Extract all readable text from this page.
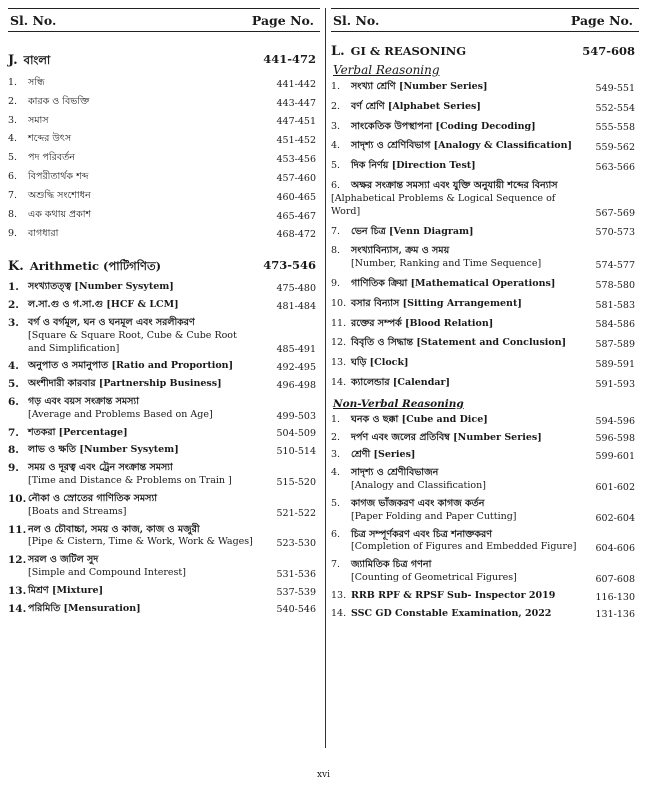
Sl. No.	Page No.
J. বাংলা	441-472
1.	সন্ধি	441-442
2.	কারক ও বিভক্তি	443-447
3.	সমাস	447-451
4.	শব্দের উৎস	451-452
5.	পদ পরিবর্তন	453-456
6.	বিপরীতার্থক শব্দ	457-460
7.	অশুদ্ধি সংশোধন	460-465
8.	এক কথায় প্রকাশ	465-467
9.	বাগধারা	468-472
K. Arithmetic (পাটিগণিত)	473-546
1. সংখ্যাতত্ত্ব [Number Sysytem]	475-480
2. ল.সা.গু ও গ.সা.গু [HCF & LCM]	481-484
3. বর্গ ও বর্গমূল, ঘন ও ঘনমূল এবং সরলীকরণ
[Square & Square Root, Cube & Cube Root
and Simplification]	485-491
4. অনুপাত ও সমানুপাত [Ratio and Proportion]	492-495
5. অংশীদারী কারবার [Partnership Business]	496-498
6. গড় এবং বয়স সংক্রান্ত সমস্যা
[Average and Problems Based on Age]	499-503
7. শতকরা [Percentage]	504-509
8. লাভ ও ক্ষতি [Number Sysytem]	510-514
9. সময় ও দূরত্ব এবং ট্রেন সংক্রান্ত সমস্যা
[Time and Distance & Problems on Train ]	515-520
10. নৌকা ও স্রোতের গাণিতিক সমস্যা
[Boats and Streams]	521-522
11. নল ও চৌবাচ্চা, সময় ও কাজ, কাজ ও মজুরী
[Pipe & Cistern, Time & Work, Work & Wages]	523-530
12. সরল ও জটিল সুদ
[Simple and Compound Interest]	531-536
13. মিশ্রণ [Mixture]	537-539
14. পরিমিতি [Mensuration]	540-546
Sl. No.	Page No.
L. GI & REASONING	547-608
Verbal Reasoning
1.	সংখ্যা শ্রেণি [Number Series]	549-551
2.	বর্ণ শ্রেণি [Alphabet Series]	552-554
3.	সাংকেতিক উপস্থাপনা [Coding Decoding]	555-558
4.	সাদৃশ্য ও শ্রেণিবিভাগ [Analogy & Classification]	559-562
5.	দিক নির্ণয় [Direction Test]	563-566
6.	অক্ষর সংক্রান্ত সমস্যা এবং যুক্তি অনুযায়ী শব্দের বিন্যাস
[Alphabetical Problems & Logical Sequence of Word]	567-569
7.	ভেন চিত্র [Venn Diagram]	570-573
8.	সংখ্যাবিন্যাস, ক্রম ও সময়
[Number, Ranking and Time Sequence]	574-577
9.	গাণিতিক ক্রিয়া [Mathematical Operations]	578-580
10. বসার বিন্যাস [Sitting Arrangement]	581-583
11. রক্তের সম্পর্ক [Blood Relation]	584-586
12. বিবৃতি ও সিদ্ধান্ত [Statement and Conclusion]	587-589
13. ঘড়ি [Clock]	589-591
14. ক্যালেন্ডার [Calendar]	591-593
Non-Verbal Reasoning
1.	ঘনক ও ছক্কা [Cube and Dice]	594-596
2.	দর্পণ এবং জলের প্রতিবিম্ব [Number Series]	596-598
3.	শ্রেণী [Series]	599-601
4.	সাদৃশ্য ও শ্রেণীবিভাজন
[Analogy and Classification]	601-602
5.	কাগজ ভাঁজকরণ এবং কাগজ কর্তন
[Paper Folding and Paper Cutting]	602-604
6.	চিত্র সম্পূর্ণকরণ এবং চিত্র শনাক্তকরণ
[Completion of Figures and Embedded Figure]	604-606
7.	জ্যামিতিক চিত্র গণনা
[Counting of Geometrical Figures]	607-608
13. RRB RPF & RPSF Sub- Inspector 2019	116-130
14. SSC GD Constable Examination, 2022	131-136
xvi
